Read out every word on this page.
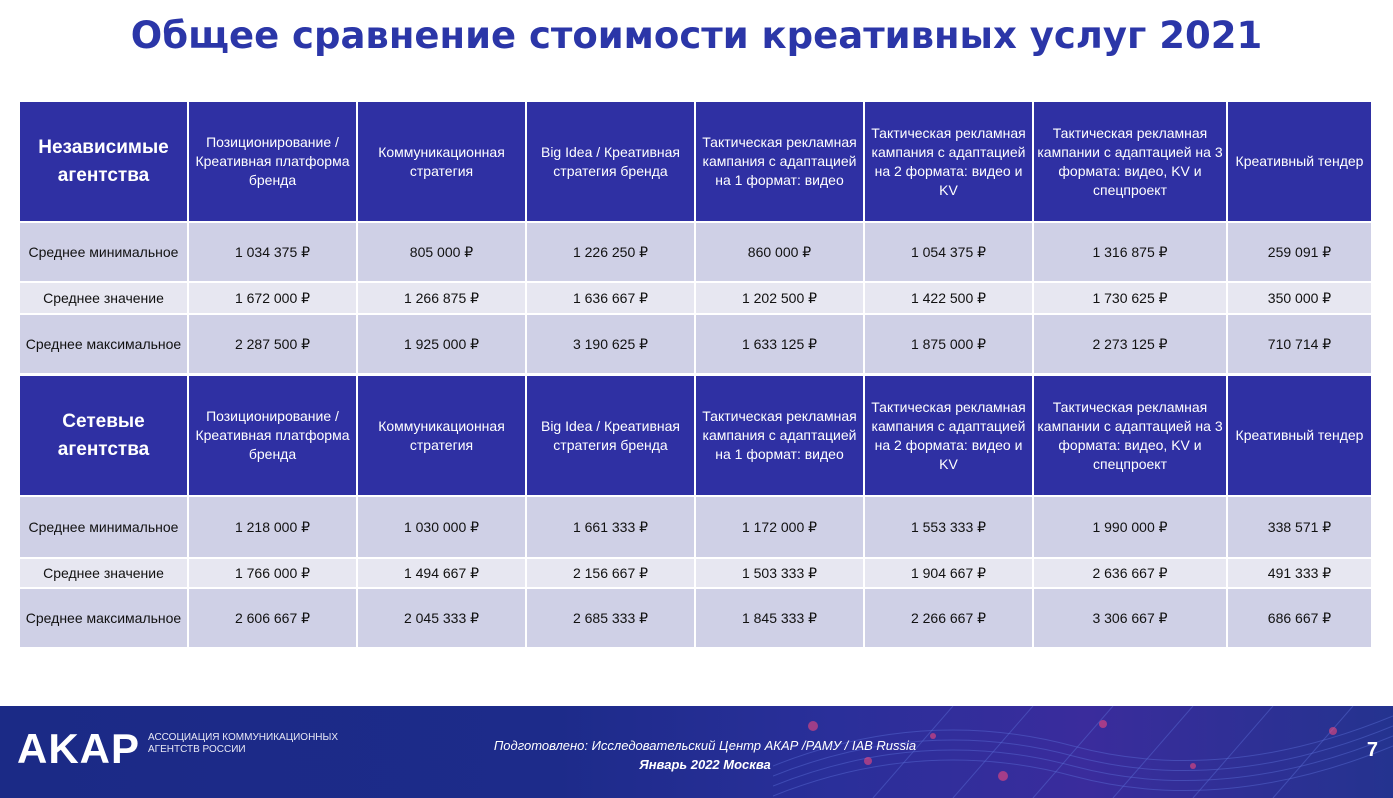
Общее сравнение стоимости креативных услуг 2021
Независимые агентства	Позиционирование / Креативная платформа бренда	Коммуникационная стратегия	Big Idea / Креативная стратегия бренда	Тактическая рекламная кампания с адаптацией на 1 формат: видео	Тактическая рекламная кампания с адаптацией на 2 формата: видео и KV	Тактическая рекламная кампании с адаптацией на 3 формата: видео, KV и спецпроект	Креативный тендер
Среднее минимальное	1 034 375 ₽	805 000 ₽	1 226 250 ₽	860 000 ₽	1 054 375 ₽	1 316 875 ₽	259 091 ₽
Среднее значение	1 672 000 ₽	1 266 875 ₽	1 636 667 ₽	1 202 500 ₽	1 422 500 ₽	1 730 625 ₽	350 000 ₽
Среднее максимальное	2 287 500 ₽	1 925 000 ₽	3 190 625 ₽	1 633 125 ₽	1 875 000 ₽	2 273 125 ₽	710 714 ₽
Сетевые агентства	Позиционирование / Креативная платформа бренда	Коммуникационная стратегия	Big Idea / Креативная стратегия бренда	Тактическая рекламная кампания с адаптацией на 1 формат: видео	Тактическая рекламная кампания с адаптацией на 2 формата: видео и KV	Тактическая рекламная кампании с адаптацией на 3 формата: видео, KV и спецпроект	Креативный тендер
Среднее минимальное	1 218 000 ₽	1 030 000 ₽	1 661 333 ₽	1 172 000 ₽	1 553 333 ₽	1 990 000 ₽	338 571 ₽
Среднее значение	1 766 000 ₽	1 494 667 ₽	2 156 667 ₽	1 503 333 ₽	1 904 667 ₽	2 636 667 ₽	491 333 ₽
Среднее максимальное	2 606 667 ₽	2 045 333 ₽	2 685 333 ₽	1 845 333 ₽	2 266 667 ₽	3 306 667 ₽	686 667 ₽
AKAP АССОЦИАЦИЯ КОММУНИКАЦИОННЫХ АГЕНТСТВ РОССИИ	Подготовлено: Исследовательский Центр АКАР /РАМУ / IAB Russia
Январь 2022 Москва
7
